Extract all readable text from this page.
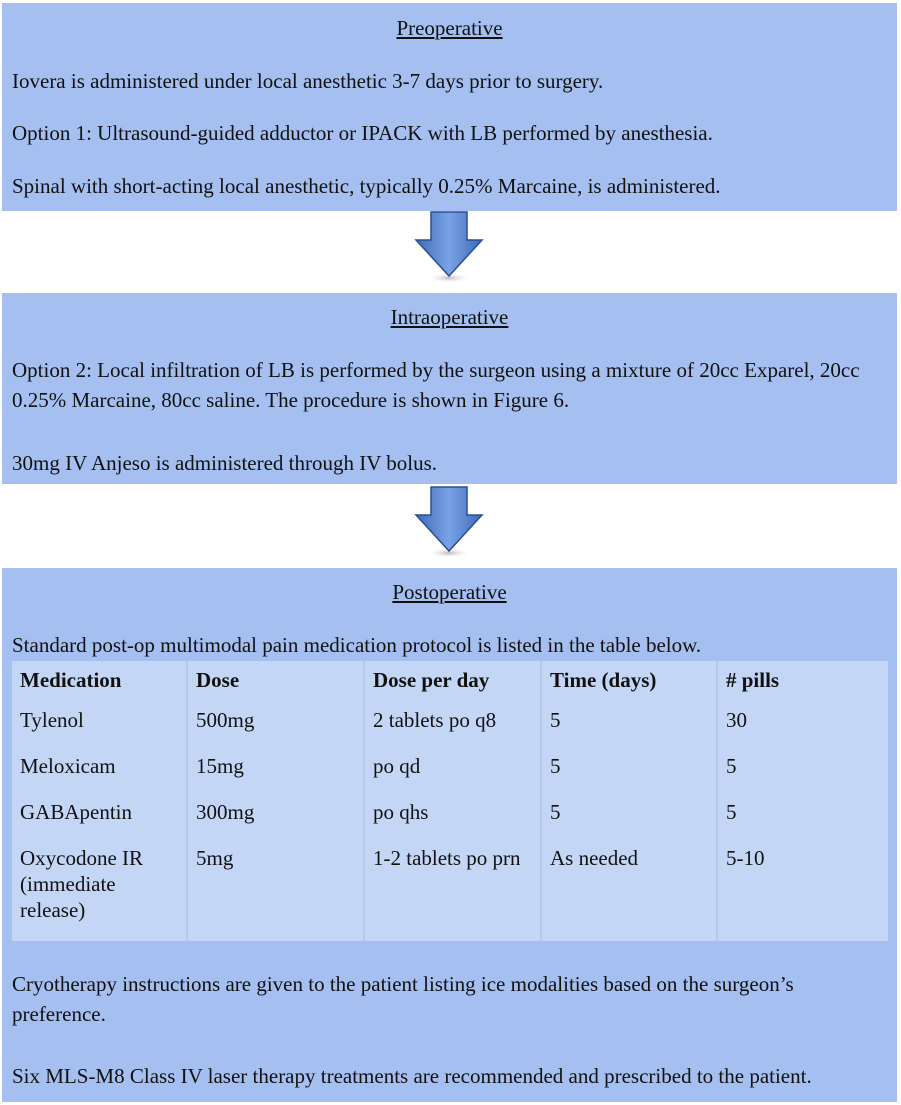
Preoperative
Iovera is administered under local anesthetic 3-7 days prior to surgery.
Option 1: Ultrasound-guided adductor or IPACK with LB performed by anesthesia.
Spinal with short-acting local anesthetic, typically 0.25% Marcaine, is administered.
Intraoperative
Option 2: Local infiltration of LB is performed by the surgeon using a mixture of 20cc Exparel, 20cc 0.25% Marcaine, 80cc saline. The procedure is shown in Figure 6.
30mg IV Anjeso is administered through IV bolus.
Postoperative
Standard post-op multimodal pain medication protocol is listed in the table below.
Medication	Dose	Dose per day	Time (days)	# pills
Tylenol	500mg	2 tablets po q8	5	30
Meloxicam	15mg	po qd	5	5
GABApentin	300mg	po qhs	5	5
Oxycodone IR (immediate release)	5mg	1-2 tablets po prn	As needed	5-10
Cryotherapy instructions are given to the patient listing ice modalities based on the surgeon’s preference.
Six MLS-M8 Class IV laser therapy treatments are recommended and prescribed to the patient.
